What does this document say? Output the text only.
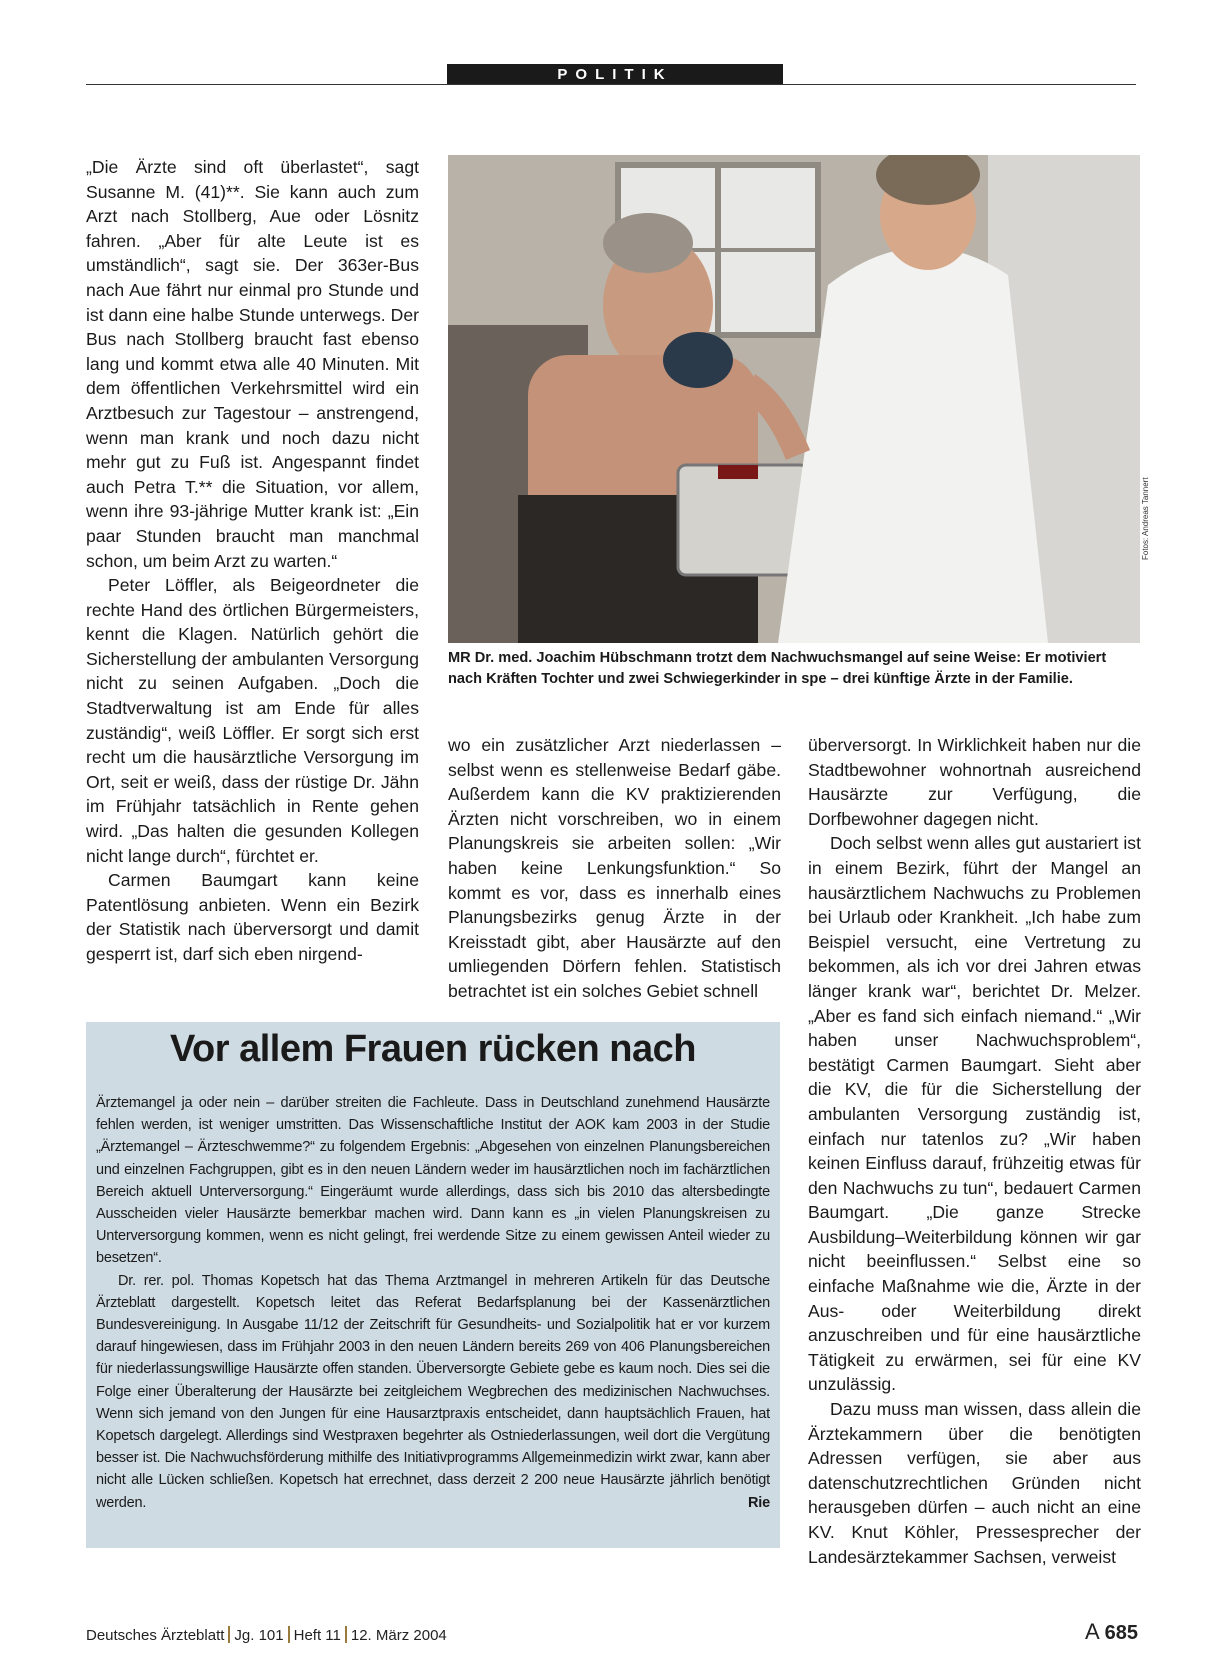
POLITIK

„Die Ärzte sind oft überlastet“, sagt Susanne M. (41)**. Sie kann auch zum Arzt nach Stollberg, Aue oder Lösnitz fahren. „Aber für alte Leute ist es umständlich“, sagt sie. Der 363er-Bus nach Aue fährt nur einmal pro Stunde und ist dann eine halbe Stunde unterwegs. Der Bus nach Stollberg braucht fast ebenso lang und kommt etwa alle 40 Minuten. Mit dem öffentlichen Verkehrsmittel wird ein Arztbesuch zur Tagestour – anstrengend, wenn man krank und noch dazu nicht mehr gut zu Fuß ist. Angespannt findet auch Petra T.** die Situation, vor allem, wenn ihre 93-jährige Mutter krank ist: „Ein paar Stunden braucht man manchmal schon, um beim Arzt zu warten.“

Peter Löffler, als Beigeordneter die rechte Hand des örtlichen Bürgermeisters, kennt die Klagen. Natürlich gehört die Sicherstellung der ambulanten Versorgung nicht zu seinen Aufgaben. „Doch die Stadtverwaltung ist am Ende für alles zuständig“, weiß Löffler. Er sorgt sich erst recht um die hausärztliche Versorgung im Ort, seit er weiß, dass der rüstige Dr. Jähn im Frühjahr tatsächlich in Rente gehen wird. „Das halten die gesunden Kollegen nicht lange durch“, fürchtet er.

Carmen Baumgart kann keine Patentlösung anbieten. Wenn ein Bezirk der Statistik nach überversorgt und damit gesperrt ist, darf sich eben nirgend-

Fotos: Andreas Tannert
MR Dr. med. Joachim Hübschmann trotzt dem Nachwuchsmangel auf seine Weise: Er motiviert nach Kräften Tochter und zwei Schwiegerkinder in spe – drei künftige Ärzte in der Familie.

wo ein zusätzlicher Arzt niederlassen – selbst wenn es stellenweise Bedarf gäbe. Außerdem kann die KV praktizierenden Ärzten nicht vorschreiben, wo in einem Planungskreis sie arbeiten sollen: „Wir haben keine Lenkungsfunktion.“ So kommt es vor, dass es innerhalb eines Planungsbezirks genug Ärzte in der Kreisstadt gibt, aber Hausärzte auf den umliegenden Dörfern fehlen. Statistisch betrachtet ist ein solches Gebiet schnell

überversorgt. In Wirklichkeit haben nur die Stadtbewohner wohnortnah ausreichend Hausärzte zur Verfügung, die Dorfbewohner dagegen nicht.

Doch selbst wenn alles gut austariert ist in einem Bezirk, führt der Mangel an hausärztlichem Nachwuchs zu Problemen bei Urlaub oder Krankheit. „Ich habe zum Beispiel versucht, eine Vertretung zu bekommen, als ich vor drei Jahren etwas länger krank war“, berichtet Dr. Melzer. „Aber es fand sich einfach niemand.“ „Wir haben unser Nachwuchsproblem“, bestätigt Carmen Baumgart. Sieht aber die KV, die für die Sicherstellung der ambulanten Versorgung zuständig ist, einfach nur tatenlos zu? „Wir haben keinen Einfluss darauf, frühzeitig etwas für den Nachwuchs zu tun“, bedauert Carmen Baumgart. „Die ganze Strecke Ausbildung–Weiterbildung können wir gar nicht beeinflussen.“ Selbst eine so einfache Maßnahme wie die, Ärzte in der Aus- oder Weiterbildung direkt anzuschreiben und für eine hausärztliche Tätigkeit zu erwärmen, sei für eine KV unzulässig.

Dazu muss man wissen, dass allein die Ärztekammern über die benötigten Adressen verfügen, sie aber aus datenschutzrechtlichen Gründen nicht herausgeben dürfen – auch nicht an eine KV. Knut Köhler, Pressesprecher der Landesärztekammer Sachsen, verweist

Vor allem Frauen rücken nach

Ärztemangel ja oder nein – darüber streiten die Fachleute. Dass in Deutschland zunehmend Hausärzte fehlen werden, ist weniger umstritten. Das Wissenschaftliche Institut der AOK kam 2003 in der Studie „Ärztemangel – Ärzteschwemme?“ zu folgendem Ergebnis: „Abgesehen von einzelnen Planungsbereichen und einzelnen Fachgruppen, gibt es in den neuen Ländern weder im hausärztlichen noch im fachärztlichen Bereich aktuell Unterversorgung.“ Eingeräumt wurde allerdings, dass sich bis 2010 das altersbedingte Ausscheiden vieler Hausärzte bemerkbar machen wird. Dann kann es „in vielen Planungskreisen zu Unterversorgung kommen, wenn es nicht gelingt, frei werdende Sitze zu einem gewissen Anteil wieder zu besetzen“.

Dr. rer. pol. Thomas Kopetsch hat das Thema Arztmangel in mehreren Artikeln für das Deutsche Ärzteblatt dargestellt. Kopetsch leitet das Referat Bedarfsplanung bei der Kassenärztlichen Bundesvereinigung. In Ausgabe 11/12 der Zeitschrift für Gesundheits- und Sozialpolitik hat er vor kurzem darauf hingewiesen, dass im Frühjahr 2003 in den neuen Ländern bereits 269 von 406 Planungsbereichen für niederlassungswillige Hausärzte offen standen. Überversorgte Gebiete gebe es kaum noch. Dies sei die Folge einer Überalterung der Hausärzte bei zeitgleichem Wegbrechen des medizinischen Nachwuchses. Wenn sich jemand von den Jungen für eine Hausarztpraxis entscheidet, dann hauptsächlich Frauen, hat Kopetsch dargelegt. Allerdings sind Westpraxen begehrter als Ostniederlassungen, weil dort die Vergütung besser ist. Die Nachwuchsförderung mithilfe des Initiativprogramms Allgemeinmedizin wirkt zwar, kann aber nicht alle Lücken schließen. Kopetsch hat errechnet, dass derzeit 2 200 neue Hausärzte jährlich benötigt werden.	Rie

Deutsches Ärzteblatt Jg. 101 Heft 11 12. März 2004	A 685
